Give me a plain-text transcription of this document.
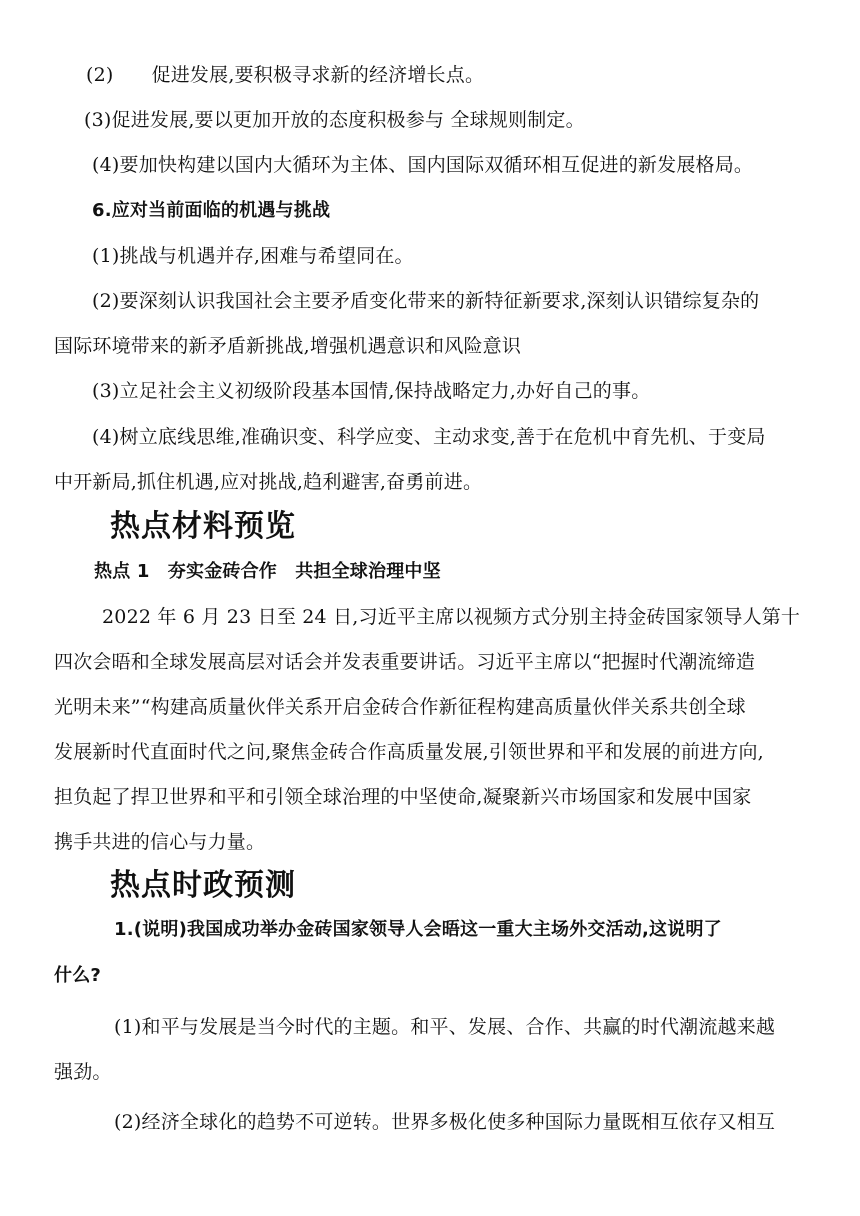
(2) 促进发展,要积极寻求新的经济增长点。
(3)促进发展,要以更加开放的态度积极参与 全球规则制定。
(4)要加快构建以国内大循环为主体、国内国际双循环相互促进的新发展格局。
6.应对当前面临的机遇与挑战
(1)挑战与机遇并存,困难与希望同在。
(2)要深刻认识我国社会主要矛盾变化带来的新特征新要求,深刻认识错综复杂的
国际环境带来的新矛盾新挑战,增强机遇意识和风险意识
(3)立足社会主义初级阶段基本国情,保持战略定力,办好自己的事。
(4)树立底线思维,准确识变、科学应变、主动求变,善于在危机中育先机、于变局
中开新局,抓住机遇,应对挑战,趋利避害,奋勇前进。
热点材料预览
热点 1　夯实金砖合作　共担全球治理中坚
2022 年 6 月 23 日至 24 日,习近平主席以视频方式分别主持金砖国家领导人第十
四次会晤和全球发展高层对话会并发表重要讲话。习近平主席以“把握时代潮流缔造
光明未来”“构建高质量伙伴关系开启金砖合作新征程构建高质量伙伴关系共创全球
发展新时代直面时代之问,聚焦金砖合作高质量发展,引领世界和平和发展的前进方向,
担负起了捍卫世界和平和引领全球治理的中坚使命,凝聚新兴市场国家和发展中国家
携手共进的信心与力量。
热点时政预测
1.(说明)我国成功举办金砖国家领导人会晤这一重大主场外交活动,这说明了
什么?
(1)和平与发展是当今时代的主题。和平、发展、合作、共赢的时代潮流越来越
强劲。
(2)经济全球化的趋势不可逆转。世界多极化使多种国际力量既相互依存又相互
